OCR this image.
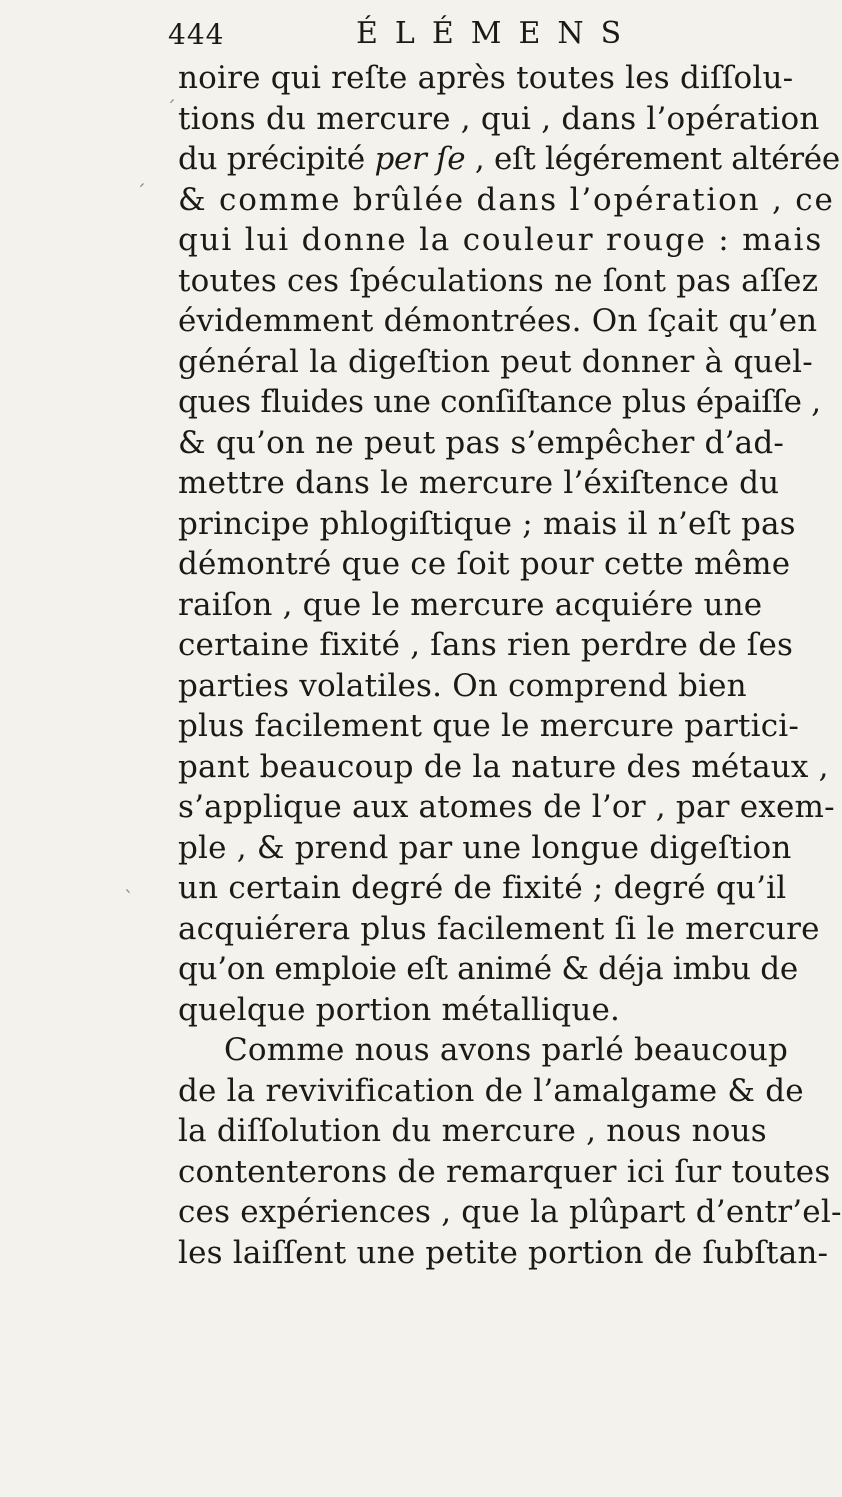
444	ÉLÉMENS
noire qui reſte après toutes les diſſolu-
tions du mercure , qui , dans l’opération
du précipité per ſe , eſt légérement altérée
& comme brûlée dans l’opération , ce
qui lui donne la couleur rouge : mais
toutes ces ſpéculations ne ſont pas aſſez
évidemment démontrées. On ſçait qu’en
général la digeſtion peut donner à quel-
ques fluides une conſiſtance plus épaiſſe ,
& qu’on ne peut pas s’empêcher d’ad-
mettre dans le mercure l’éxiſtence du
principe phlogiſtique ; mais il n’eſt pas
démontré que ce ſoit pour cette même
raiſon , que le mercure acquiére une
certaine fixité , ſans rien perdre de ſes
parties volatiles. On comprend bien
plus facilement que le mercure partici-
pant beaucoup de la nature des métaux ,
s’applique aux atomes de l’or , par exem-
ple , & prend par une longue digeſtion
un certain degré de fixité ; degré qu’il
acquiérera plus facilement ſi le mercure
qu’on emploie eſt animé & déja imbu de
quelque portion métallique.
Comme nous avons parlé beaucoup
de la revivification de l’amalgame & de
la diſſolution du mercure , nous nous
contenterons de remarquer ici ſur toutes
ces expériences , que la plûpart d’entr’el-
les laiſſent une petite portion de ſubſtan-
ˊ
ˊ
ˋ
